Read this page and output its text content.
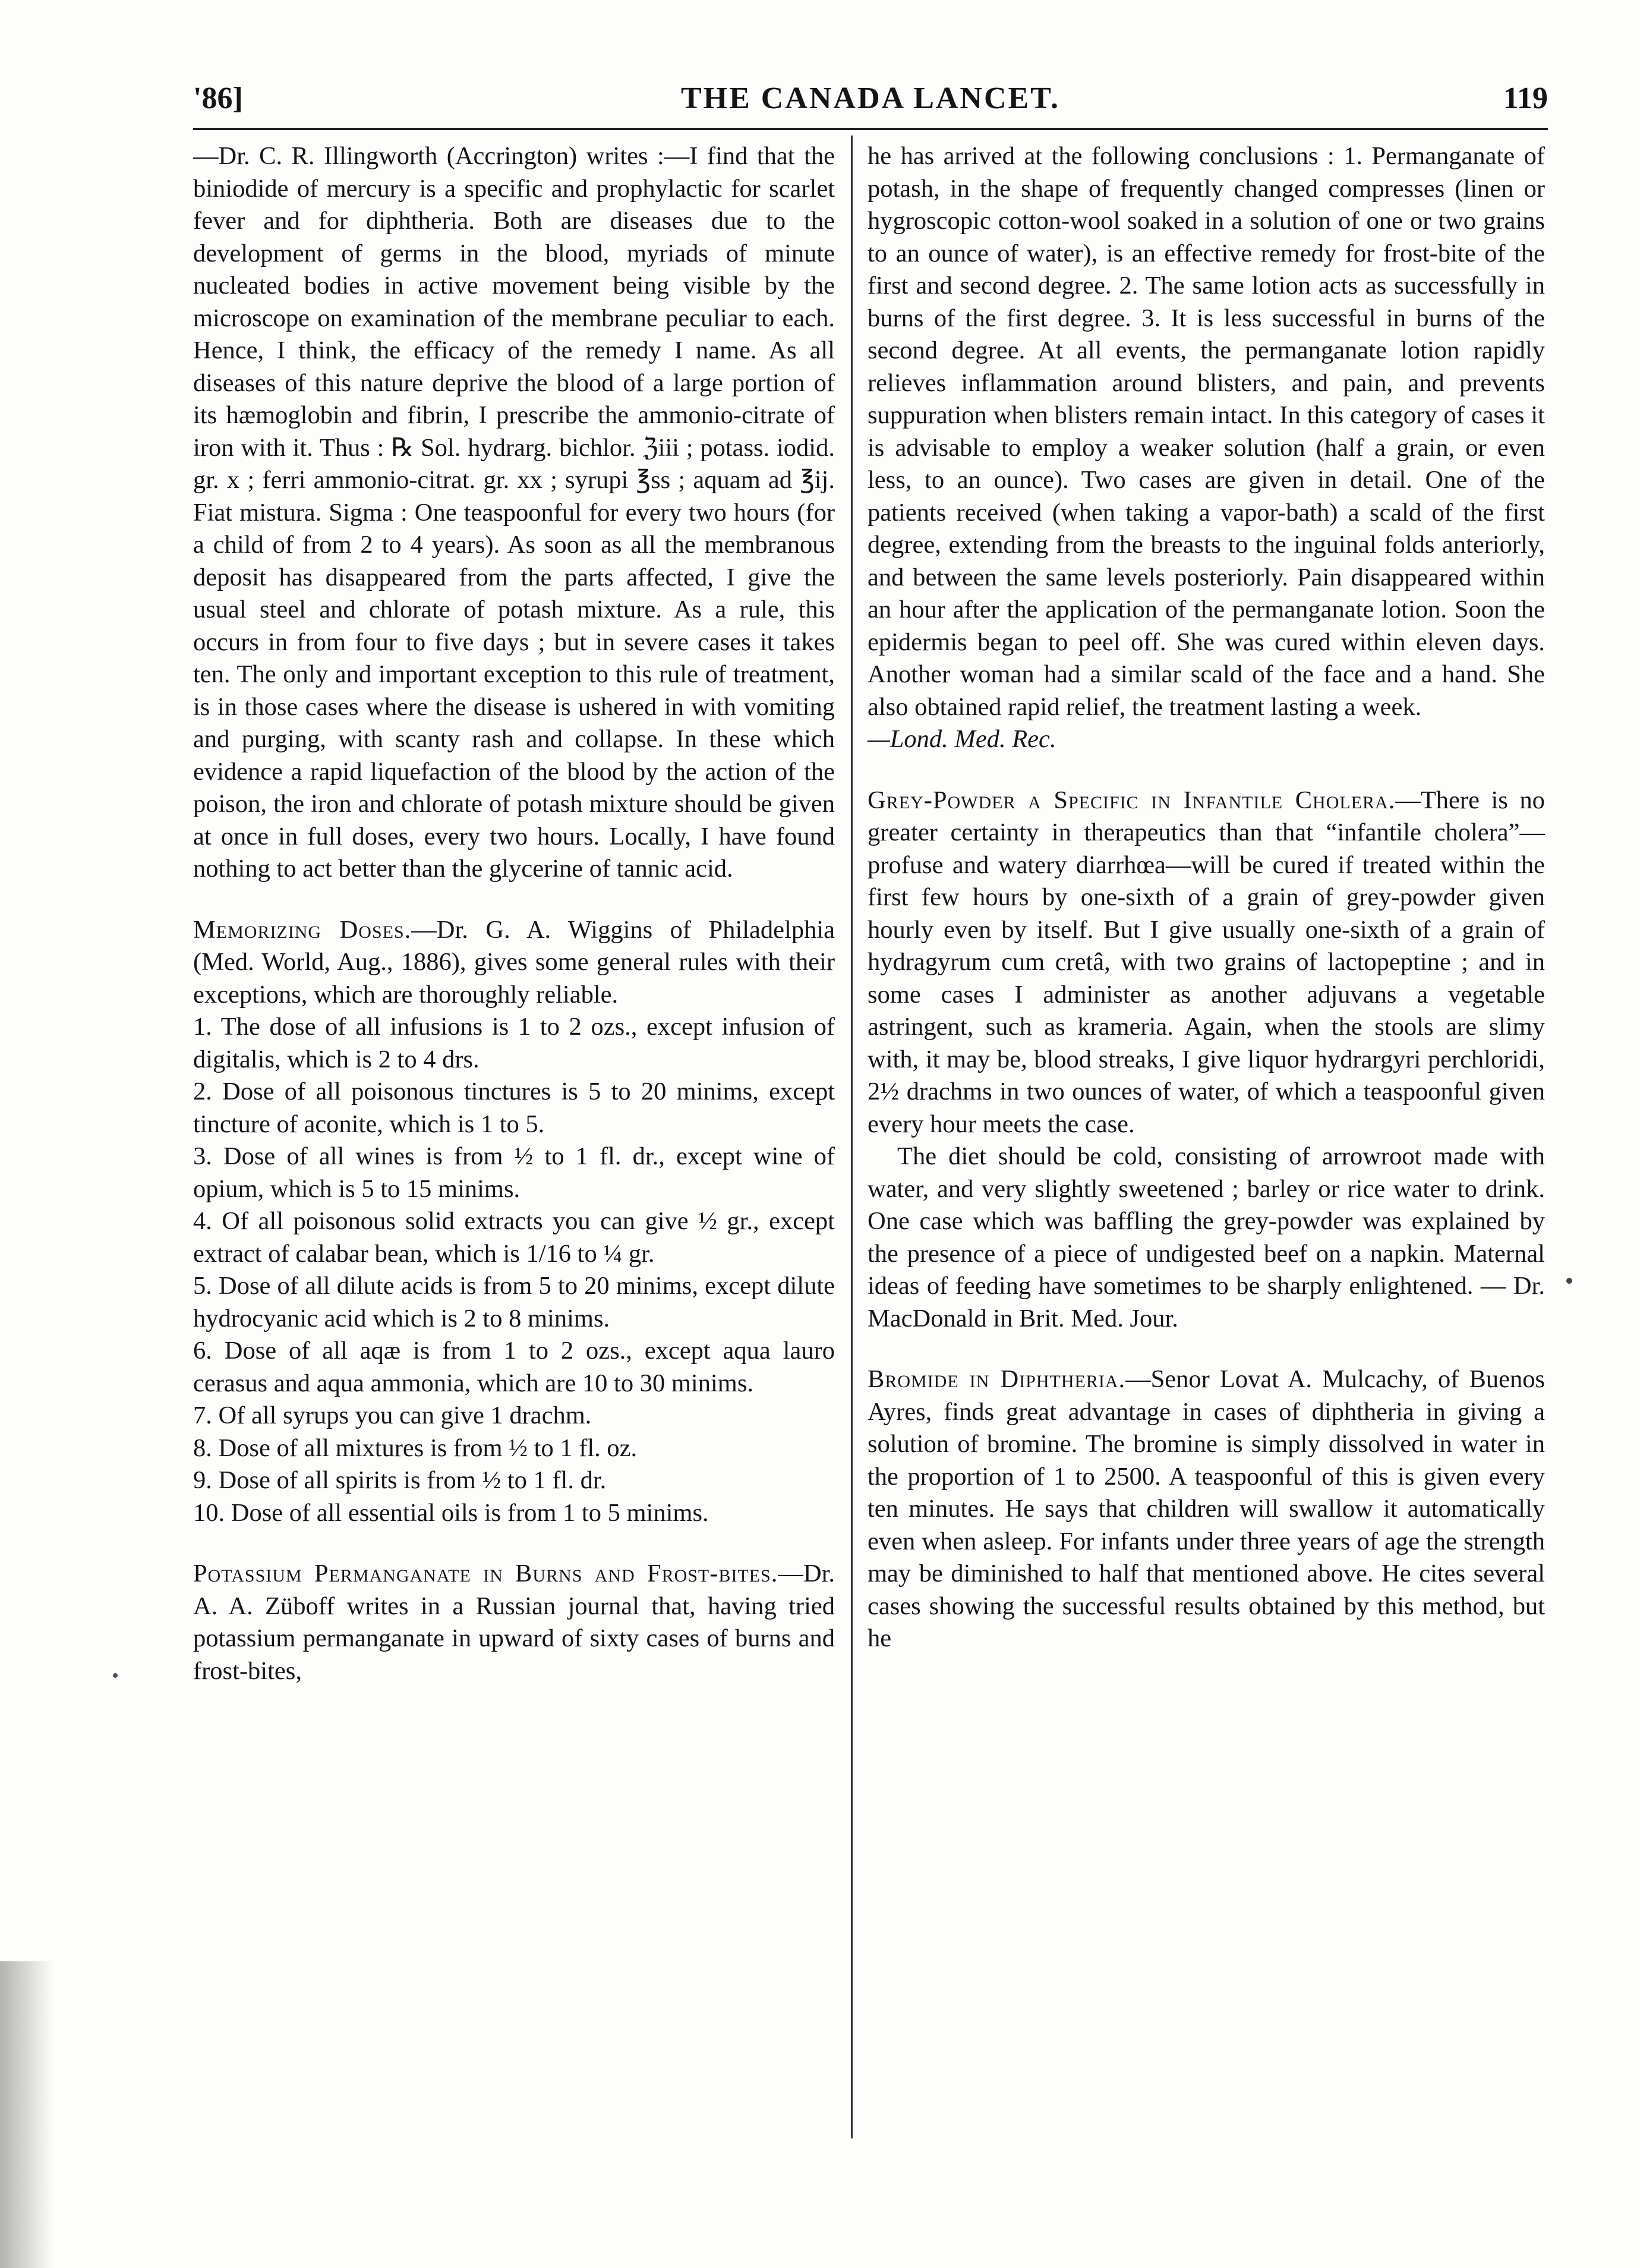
'86]	THE CANADA LANCET.	119

—Dr. C. R. Illingworth (Accrington) writes :—I find that the biniodide of mercury is a specific and prophylactic for scarlet fever and for diphtheria. Both are diseases due to the development of germs in the blood, myriads of minute nucleated bodies in active movement being visible by the microscope on examination of the membrane peculiar to each. Hence, I think, the efficacy of the remedy I name. As all diseases of this nature deprive the blood of a large portion of its hæmoglobin and fibrin, I prescribe the ammonio-citrate of iron with it. Thus : ℞ Sol. hydrarg. bichlor. ℨiii ; potass. iodid. gr. x ; ferri ammonio-citrat. gr. xx ; syrupi ℥ss ; aquam ad ℥ij. Fiat mistura. Sigma : One teaspoonful for every two hours (for a child of from 2 to 4 years). As soon as all the membranous deposit has disappeared from the parts affected, I give the usual steel and chlorate of potash mixture. As a rule, this occurs in from four to five days ; but in severe cases it takes ten. The only and important exception to this rule of treatment, is in those cases where the disease is ushered in with vomiting and purging, with scanty rash and collapse. In these which evidence a rapid liquefaction of the blood by the action of the poison, the iron and chlorate of potash mixture should be given at once in full doses, every two hours. Locally, I have found nothing to act better than the glycerine of tannic acid.

Memorizing Doses.—Dr. G. A. Wiggins of Philadelphia (Med. World, Aug., 1886), gives some general rules with their exceptions, which are thoroughly reliable.

1. The dose of all infusions is 1 to 2 ozs., except infusion of digitalis, which is 2 to 4 drs.

2. Dose of all poisonous tinctures is 5 to 20 minims, except tincture of aconite, which is 1 to 5.

3. Dose of all wines is from ½ to 1 fl. dr., except wine of opium, which is 5 to 15 minims.

4. Of all poisonous solid extracts you can give ½ gr., except extract of calabar bean, which is 1/16 to ¼ gr.

5. Dose of all dilute acids is from 5 to 20 minims, except dilute hydrocyanic acid which is 2 to 8 minims.

6. Dose of all aqæ is from 1 to 2 ozs., except aqua lauro cerasus and aqua ammonia, which are 10 to 30 minims.

7. Of all syrups you can give 1 drachm.

8. Dose of all mixtures is from ½ to 1 fl. oz.

9. Dose of all spirits is from ½ to 1 fl. dr.

10. Dose of all essential oils is from 1 to 5 minims.

Potassium Permanganate in Burns and Frost-bites.—Dr. A. A. Züboff writes in a Russian journal that, having tried potassium permanganate in upward of sixty cases of burns and frost-bites,

he has arrived at the following conclusions : 1. Permanganate of potash, in the shape of frequently changed compresses (linen or hygroscopic cotton-wool soaked in a solution of one or two grains to an ounce of water), is an effective remedy for frost-bite of the first and second degree. 2. The same lotion acts as successfully in burns of the first degree. 3. It is less successful in burns of the second degree. At all events, the permanganate lotion rapidly relieves inflammation around blisters, and pain, and prevents suppuration when blisters remain intact. In this category of cases it is advisable to employ a weaker solution (half a grain, or even less, to an ounce). Two cases are given in detail. One of the patients received (when taking a vapor-bath) a scald of the first degree, extending from the breasts to the inguinal folds anteriorly, and between the same levels posteriorly. Pain disappeared within an hour after the application of the permanganate lotion. Soon the epidermis began to peel off. She was cured within eleven days. Another woman had a similar scald of the face and a hand. She also obtained rapid relief, the treatment lasting a week.
—Lond. Med. Rec.

Grey-Powder a Specific in Infantile Cholera.—There is no greater certainty in therapeutics than that “infantile cholera”—profuse and watery diarrhœa—will be cured if treated within the first few hours by one-sixth of a grain of grey-powder given hourly even by itself. But I give usually one-sixth of a grain of hydragyrum cum cretâ, with two grains of lactopeptine ; and in some cases I administer as another adjuvans a vegetable astringent, such as krameria. Again, when the stools are slimy with, it may be, blood streaks, I give liquor hydrargyri perchloridi, 2½ drachms in two ounces of water, of which a teaspoonful given every hour meets the case.

The diet should be cold, consisting of arrowroot made with water, and very slightly sweetened ; barley or rice water to drink. One case which was baffling the grey-powder was explained by the presence of a piece of undigested beef on a napkin. Maternal ideas of feeding have sometimes to be sharply enlightened. — Dr. MacDonald in Brit. Med. Jour.

Bromide in Diphtheria.—Senor Lovat A. Mulcachy, of Buenos Ayres, finds great advantage in cases of diphtheria in giving a solution of bromine. The bromine is simply dissolved in water in the proportion of 1 to 2500. A teaspoonful of this is given every ten minutes. He says that children will swallow it automatically even when asleep. For infants under three years of age the strength may be diminished to half that mentioned above. He cites several cases showing the successful results obtained by this method, but he
